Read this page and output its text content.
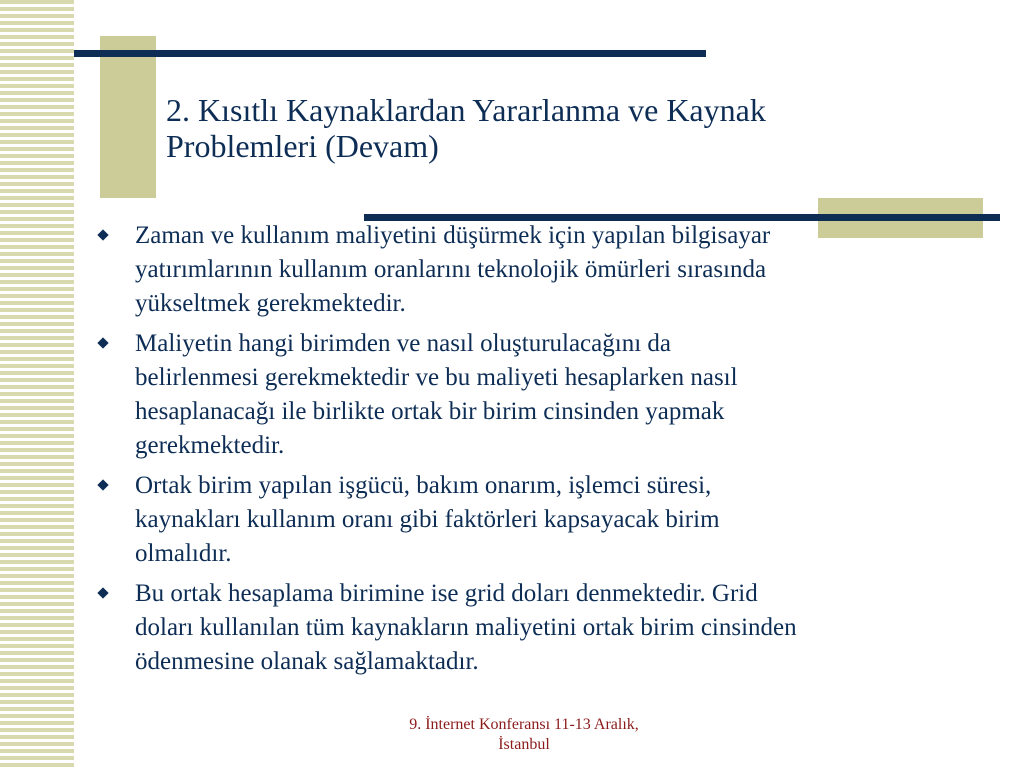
2. Kısıtlı Kaynaklardan Yararlanma ve Kaynak
Problemleri (Devam)
Zaman ve kullanım maliyetini düşürmek için yapılan bilgisayar
yatırımlarının kullanım oranlarını teknolojik ömürleri sırasında
yükseltmek gerekmektedir.
Maliyetin hangi birimden ve nasıl oluşturulacağını da
belirlenmesi gerekmektedir ve bu maliyeti hesaplarken nasıl
hesaplanacağı ile birlikte ortak bir birim cinsinden yapmak
gerekmektedir.
Ortak birim yapılan işgücü, bakım onarım, işlemci süresi,
kaynakları kullanım oranı gibi faktörleri kapsayacak birim
olmalıdır.
Bu ortak hesaplama birimine ise grid doları denmektedir. Grid
doları kullanılan tüm kaynakların maliyetini ortak birim cinsinden
ödenmesine olanak sağlamaktadır.
9. İnternet Konferansı 11-13 Aralık,
İstanbul
